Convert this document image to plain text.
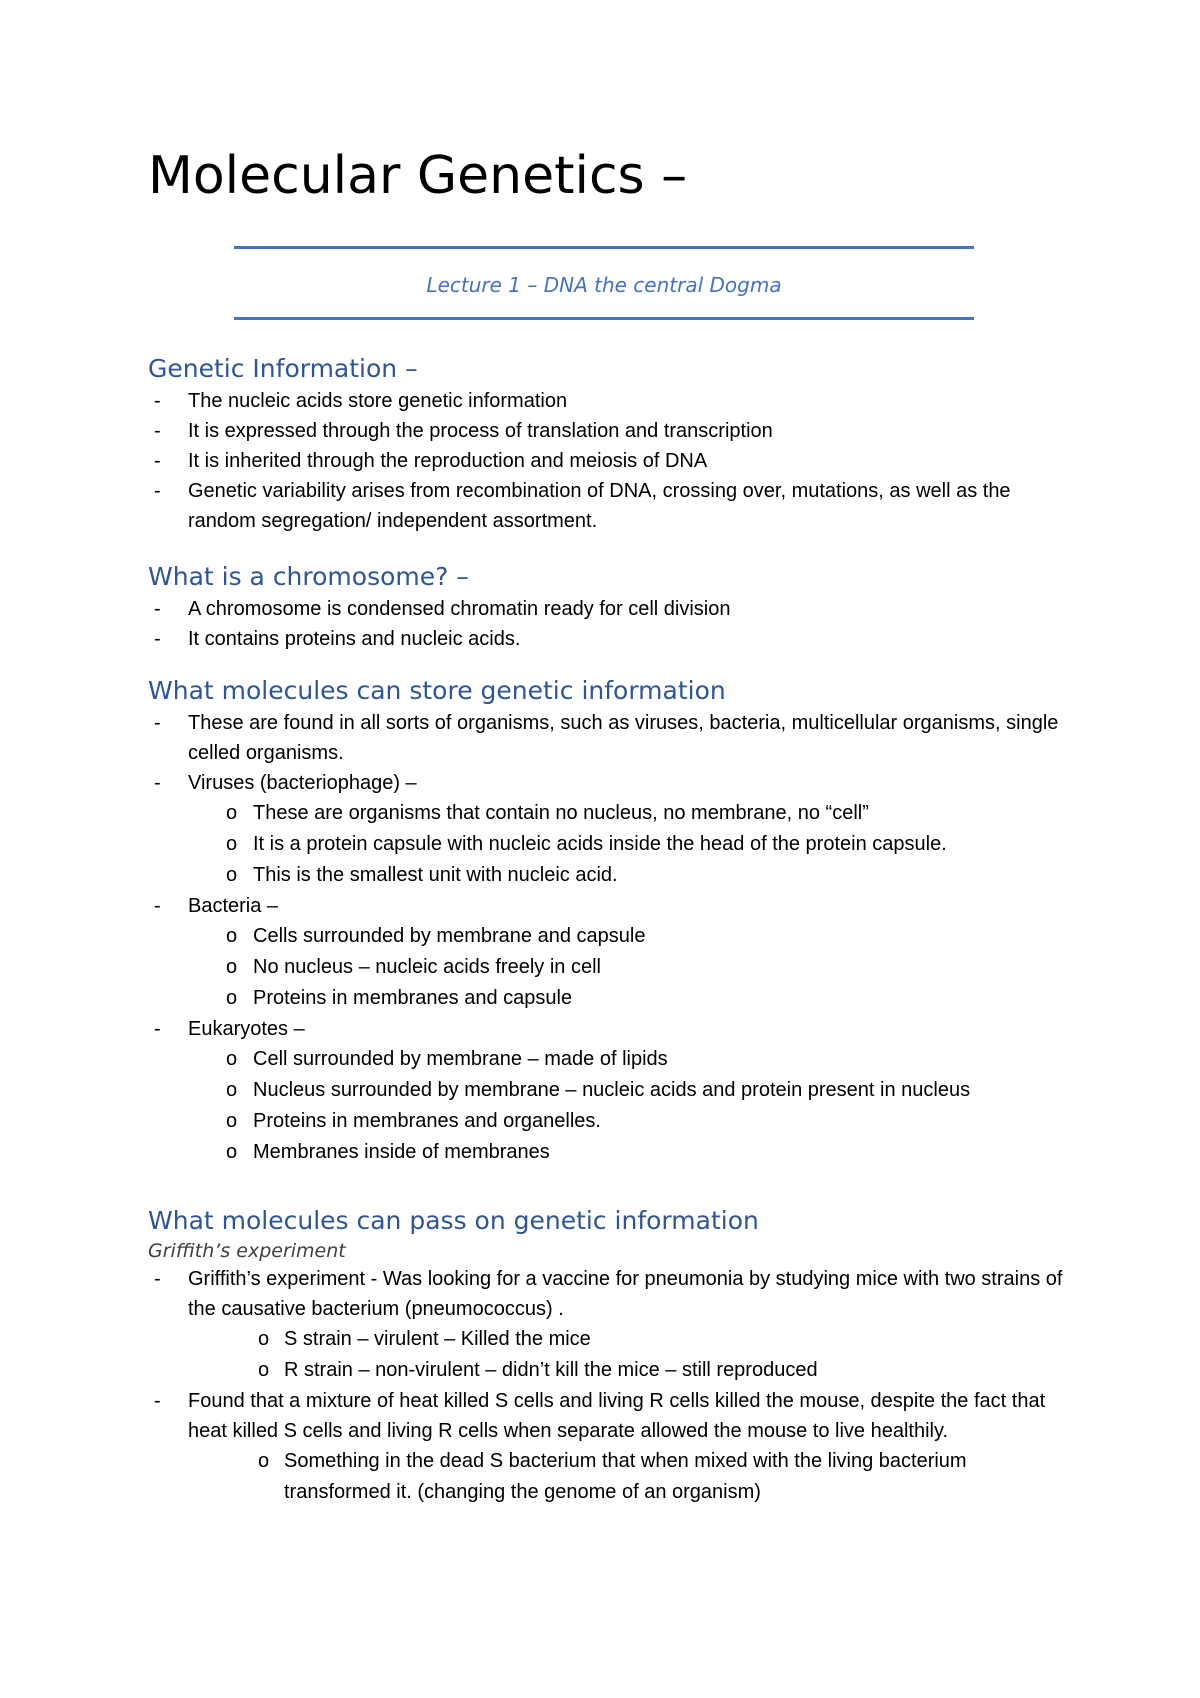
Molecular Genetics –
Lecture 1 – DNA the central Dogma
Genetic Information –
- The nucleic acids store genetic information
- It is expressed through the process of translation and transcription
- It is inherited through the reproduction and meiosis of DNA
- Genetic variability arises from recombination of DNA, crossing over, mutations, as well as the random segregation/ independent assortment.
What is a chromosome? –
- A chromosome is condensed chromatin ready for cell division
- It contains proteins and nucleic acids.
What molecules can store genetic information
- These are found in all sorts of organisms, such as viruses, bacteria, multicellular organisms, single celled organisms.
- Viruses (bacteriophage) –
o These are organisms that contain no nucleus, no membrane, no “cell”
o It is a protein capsule with nucleic acids inside the head of the protein capsule.
o This is the smallest unit with nucleic acid.
- Bacteria –
o Cells surrounded by membrane and capsule
o No nucleus – nucleic acids freely in cell
o Proteins in membranes and capsule
- Eukaryotes –
o Cell surrounded by membrane – made of lipids
o Nucleus surrounded by membrane – nucleic acids and protein present in nucleus
o Proteins in membranes and organelles.
o Membranes inside of membranes
What molecules can pass on genetic information

Griffith’s experiment

- Griffith’s experiment - Was looking for a vaccine for pneumonia by studying mice with two strains of the causative bacterium (pneumococcus) .
o S strain – virulent – Killed the mice
o R strain – non-virulent – didn’t kill the mice – still reproduced
- Found that a mixture of heat killed S cells and living R cells killed the mouse, despite the fact that heat killed S cells and living R cells when separate allowed the mouse to live healthily.
o Something in the dead S bacterium that when mixed with the living bacterium transformed it. (changing the genome of an organism)
